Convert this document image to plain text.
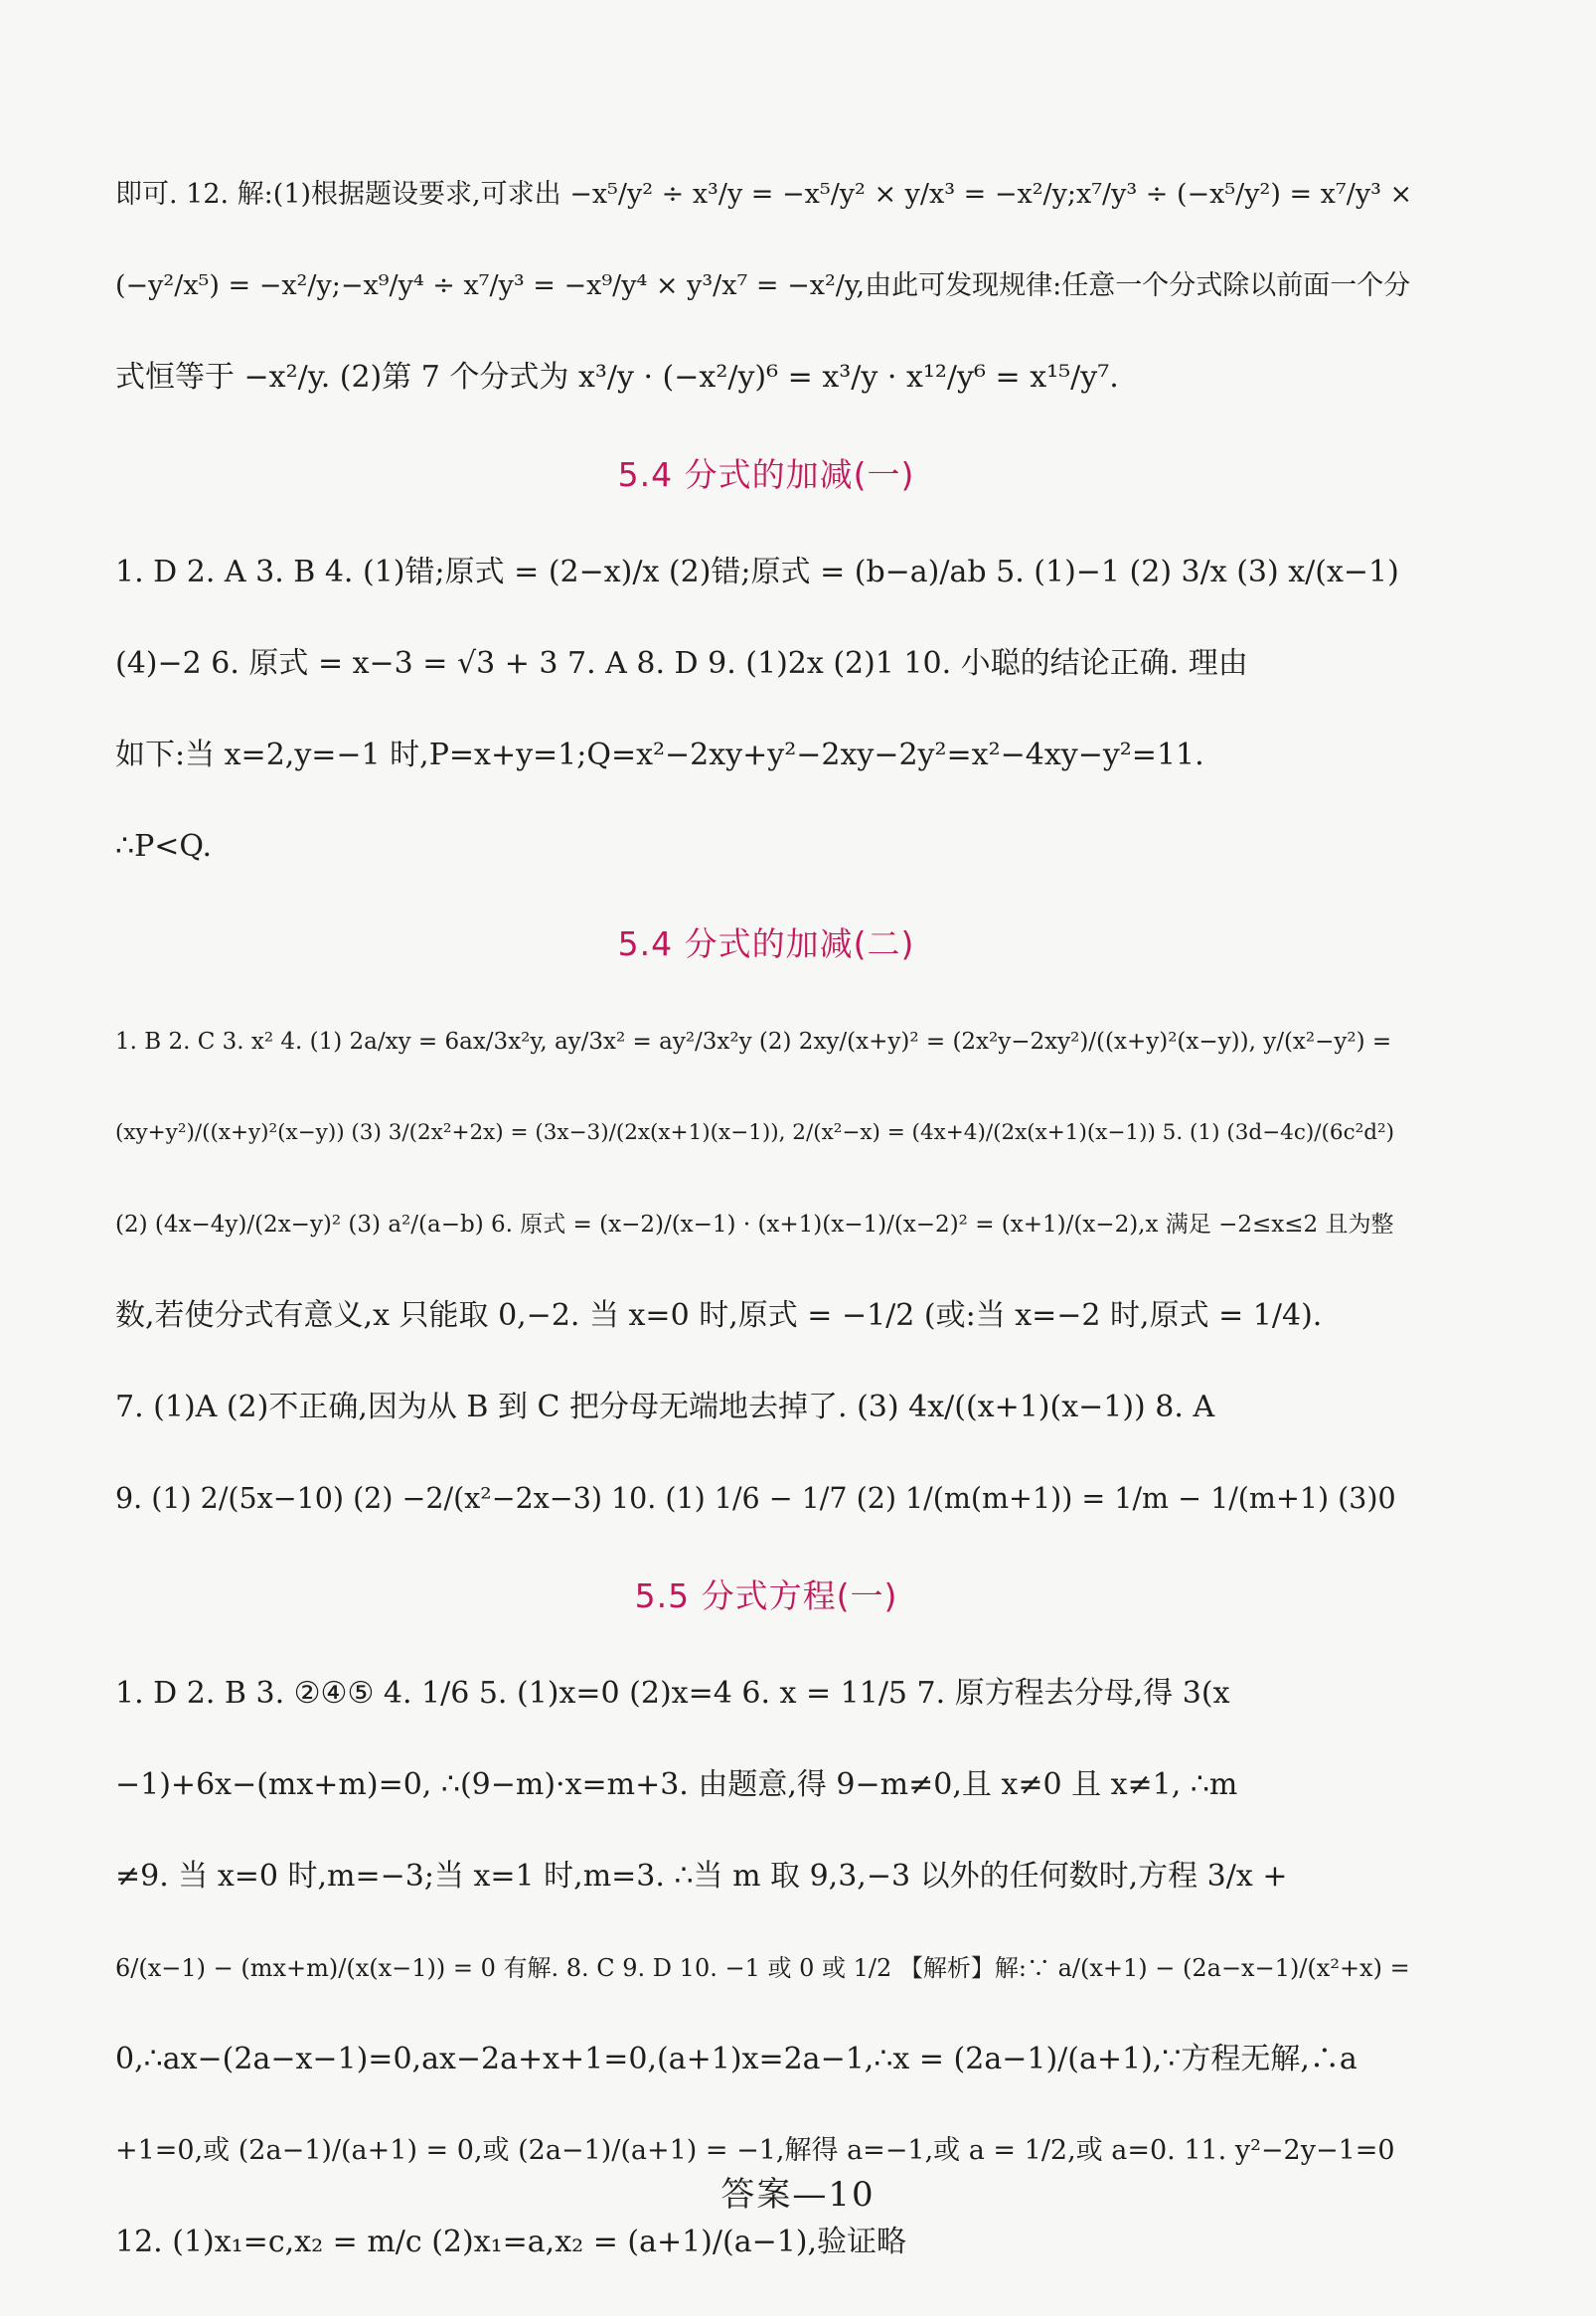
即可. 12. 解:(1)根据题设要求,可求出 −x⁵/y² ÷ x³/y = −x⁵/y² × y/x³ = −x²/y;x⁷/y³ ÷ (−x⁵/y²) = x⁷/y³ ×
(−y²/x⁵) = −x²/y;−x⁹/y⁴ ÷ x⁷/y³ = −x⁹/y⁴ × y³/x⁷ = −x²/y,由此可发现规律:任意一个分式除以前面一个分
式恒等于 −x²/y. (2)第 7 个分式为 x³/y · (−x²/y)⁶ = x³/y · x¹²/y⁶ = x¹⁵/y⁷.
5.4 分式的加减(一)
1. D 2. A 3. B 4. (1)错;原式 = (2−x)/x (2)错;原式 = (b−a)/ab 5. (1)−1 (2) 3/x (3) x/(x−1)
(4)−2 6. 原式 = x−3 = √3 + 3 7. A 8. D 9. (1)2x (2)1 10. 小聪的结论正确. 理由
如下:当 x=2,y=−1 时,P=x+y=1;Q=x²−2xy+y²−2xy−2y²=x²−4xy−y²=11.
∴P<Q.
5.4 分式的加减(二)
1. B 2. C 3. x² 4. (1) 2a/xy = 6ax/3x²y, ay/3x² = ay²/3x²y (2) 2xy/(x+y)² = (2x²y−2xy²)/((x+y)²(x−y)), y/(x²−y²) =
(xy+y²)/((x+y)²(x−y)) (3) 3/(2x²+2x) = (3x−3)/(2x(x+1)(x−1)), 2/(x²−x) = (4x+4)/(2x(x+1)(x−1)) 5. (1) (3d−4c)/(6c²d²)
(2) (4x−4y)/(2x−y)² (3) a²/(a−b) 6. 原式 = (x−2)/(x−1) · (x+1)(x−1)/(x−2)² = (x+1)/(x−2),x 满足 −2≤x≤2 且为整
数,若使分式有意义,x 只能取 0,−2. 当 x=0 时,原式 = −1/2 (或:当 x=−2 时,原式 = 1/4).
7. (1)A (2)不正确,因为从 B 到 C 把分母无端地去掉了. (3) 4x/((x+1)(x−1)) 8. A
9. (1) 2/(5x−10) (2) −2/(x²−2x−3) 10. (1) 1/6 − 1/7 (2) 1/(m(m+1)) = 1/m − 1/(m+1) (3)0
5.5 分式方程(一)
1. D 2. B 3. ②④⑤ 4. 1/6 5. (1)x=0 (2)x=4 6. x = 11/5 7. 原方程去分母,得 3(x
−1)+6x−(mx+m)=0, ∴(9−m)·x=m+3. 由题意,得 9−m≠0,且 x≠0 且 x≠1, ∴m
≠9. 当 x=0 时,m=−3;当 x=1 时,m=3. ∴当 m 取 9,3,−3 以外的任何数时,方程 3/x +
6/(x−1) − (mx+m)/(x(x−1)) = 0 有解. 8. C 9. D 10. −1 或 0 或 1/2 【解析】解:∵ a/(x+1) − (2a−x−1)/(x²+x) =
0,∴ax−(2a−x−1)=0,ax−2a+x+1=0,(a+1)x=2a−1,∴x = (2a−1)/(a+1),∵方程无解,∴a
+1=0,或 (2a−1)/(a+1) = 0,或 (2a−1)/(a+1) = −1,解得 a=−1,或 a = 1/2,或 a=0. 11. y²−2y−1=0
12. (1)x₁=c,x₂ = m/c (2)x₁=a,x₂ = (a+1)/(a−1),验证略
答案—10
